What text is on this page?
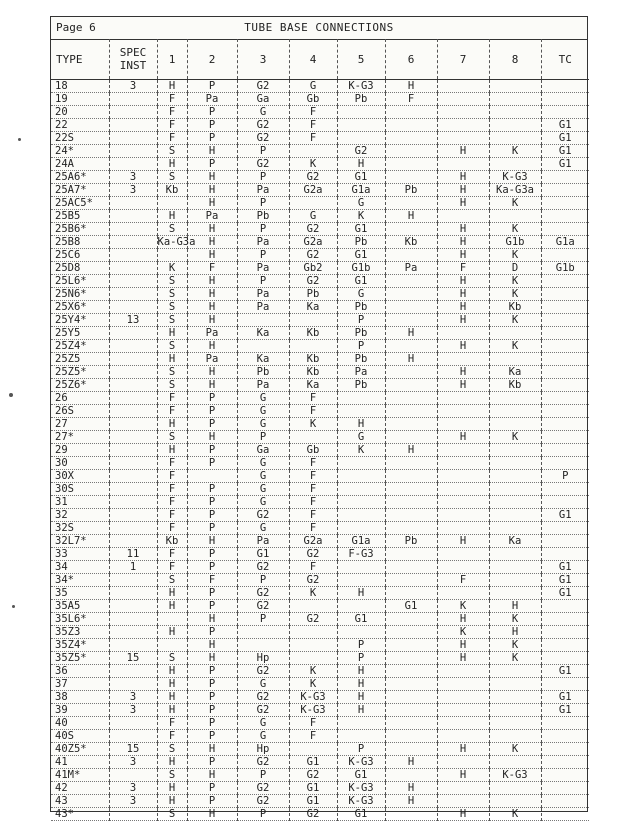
Page 6	TUBE BASE CONNECTIONS
TYPE	SPEC INST	1	2	3	4	5	6	7	8	TC
18	3	H	P	G2	G	K-G3	H			
19		F	Pa	Ga	Gb	Pb	F			
20		F	P	G	F					
22		F	P	G2	F					G1
22S		F	P	G2	F					G1
24*		S	H	P		G2		H	K	G1
24A		H	P	G2	K	H				G1
25A6*	3	S	H	P	G2	G1		H	K-G3	
25A7*	3	Kb	H	Pa	G2a	G1a	Pb	H	Ka-G3a	
25AC5*			H	P		G		H	K	
25B5		H	Pa	Pb	G	K	H			
25B6*		S	H	P	G2	G1		H	K	
25B8		Ka-G3a	H	Pa	G2a	Pb	Kb	H	G1b	G1a
25C6			H	P	G2	G1		H	K	
25D8		K	F	Pa	Gb2	G1b	Pa	F	D	G1b
25L6*		S	H	P	G2	G1		H	K	
25N6*		S	H	Pa	Pb	G		H	K	
25X6*		S	H	Pa	Ka	Pb		H	Kb	
25Y4*	13	S	H			P		H	K	
25Y5		H	Pa	Ka	Kb	Pb	H			
25Z4*		S	H			P		H	K	
25Z5		H	Pa	Ka	Kb	Pb	H			
25Z5*		S	H	Pb	Kb	Pa		H	Ka	
25Z6*		S	H	Pa	Ka	Pb		H	Kb	
26		F	P	G	F					
26S		F	P	G	F					
27		H	P	G	K	H				
27*		S	H	P		G		H	K	
29		H	P	Ga	Gb	K	H			
30		F	P	G	F					
30X		F		G	F					P
30S		F	P	G	F					
31		F	P	G	F					
32		F	P	G2	F					G1
32S		F	P	G	F					
32L7*		Kb	H	Pa	G2a	G1a	Pb	H	Ka	
33	11	F	P	G1	G2	F-G3				
34	1	F	P	G2	F					G1
34*		S	F	P	G2			F		G1
35		H	P	G2	K	H				G1
35A5		H	P	G2			G1	K	H	
35L6*			H	P	G2	G1		H	K	
35Z3		H	P					K	H	
35Z4*			H			P		H	K	
35Z5*	15	S	H	Hp		P		H	K	
36		H	P	G2	K	H				G1
37		H	P	G	K	H				
38	3	H	P	G2	K-G3	H				G1
39	3	H	P	G2	K-G3	H				G1
40		F	P	G	F					
40S		F	P	G	F					
40Z5*	15	S	H	Hp		P		H	K	
41	3	H	P	G2	G1	K-G3	H			
41M*		S	H	P	G2	G1		H	K-G3	
42	3	H	P	G2	G1	K-G3	H			
43	3	H	P	G2	G1	K-G3	H			
43*		S	H	P	G2	G1		H	K	
